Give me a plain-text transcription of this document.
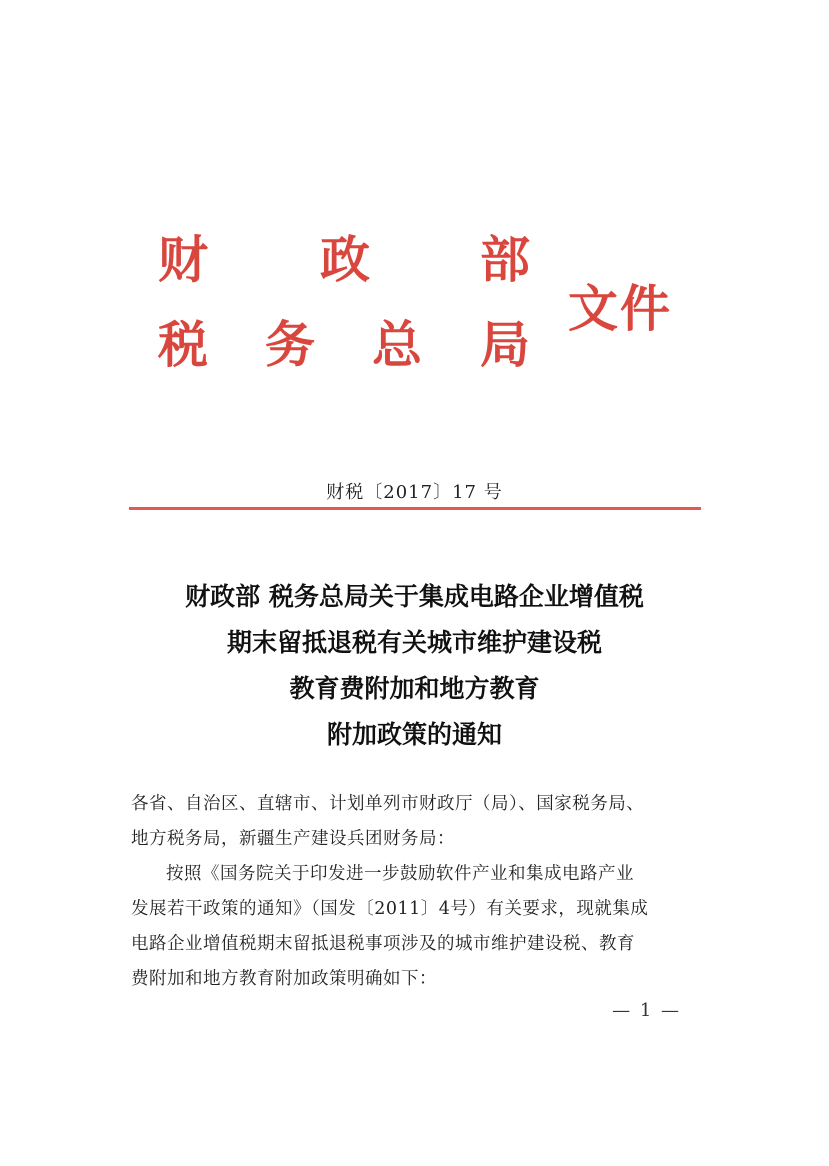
财 政 部
税 务 总 局
文件
财税〔2017〕17 号
财政部 税务总局关于集成电路企业增值税
期末留抵退税有关城市维护建设税
教育费附加和地方教育
附加政策的通知
各省、自治区、直辖市、计划单列市财政厅（局）、国家税务局、
地方税务局，新疆生产建设兵团财务局：
按照《国务院关于印发进一步鼓励软件产业和集成电路产业
发展若干政策的通知》（国发〔2011〕4号）有关要求，现就集成
电路企业增值税期末留抵退税事项涉及的城市维护建设税、教育
费附加和地方教育附加政策明确如下：
— 1 —
